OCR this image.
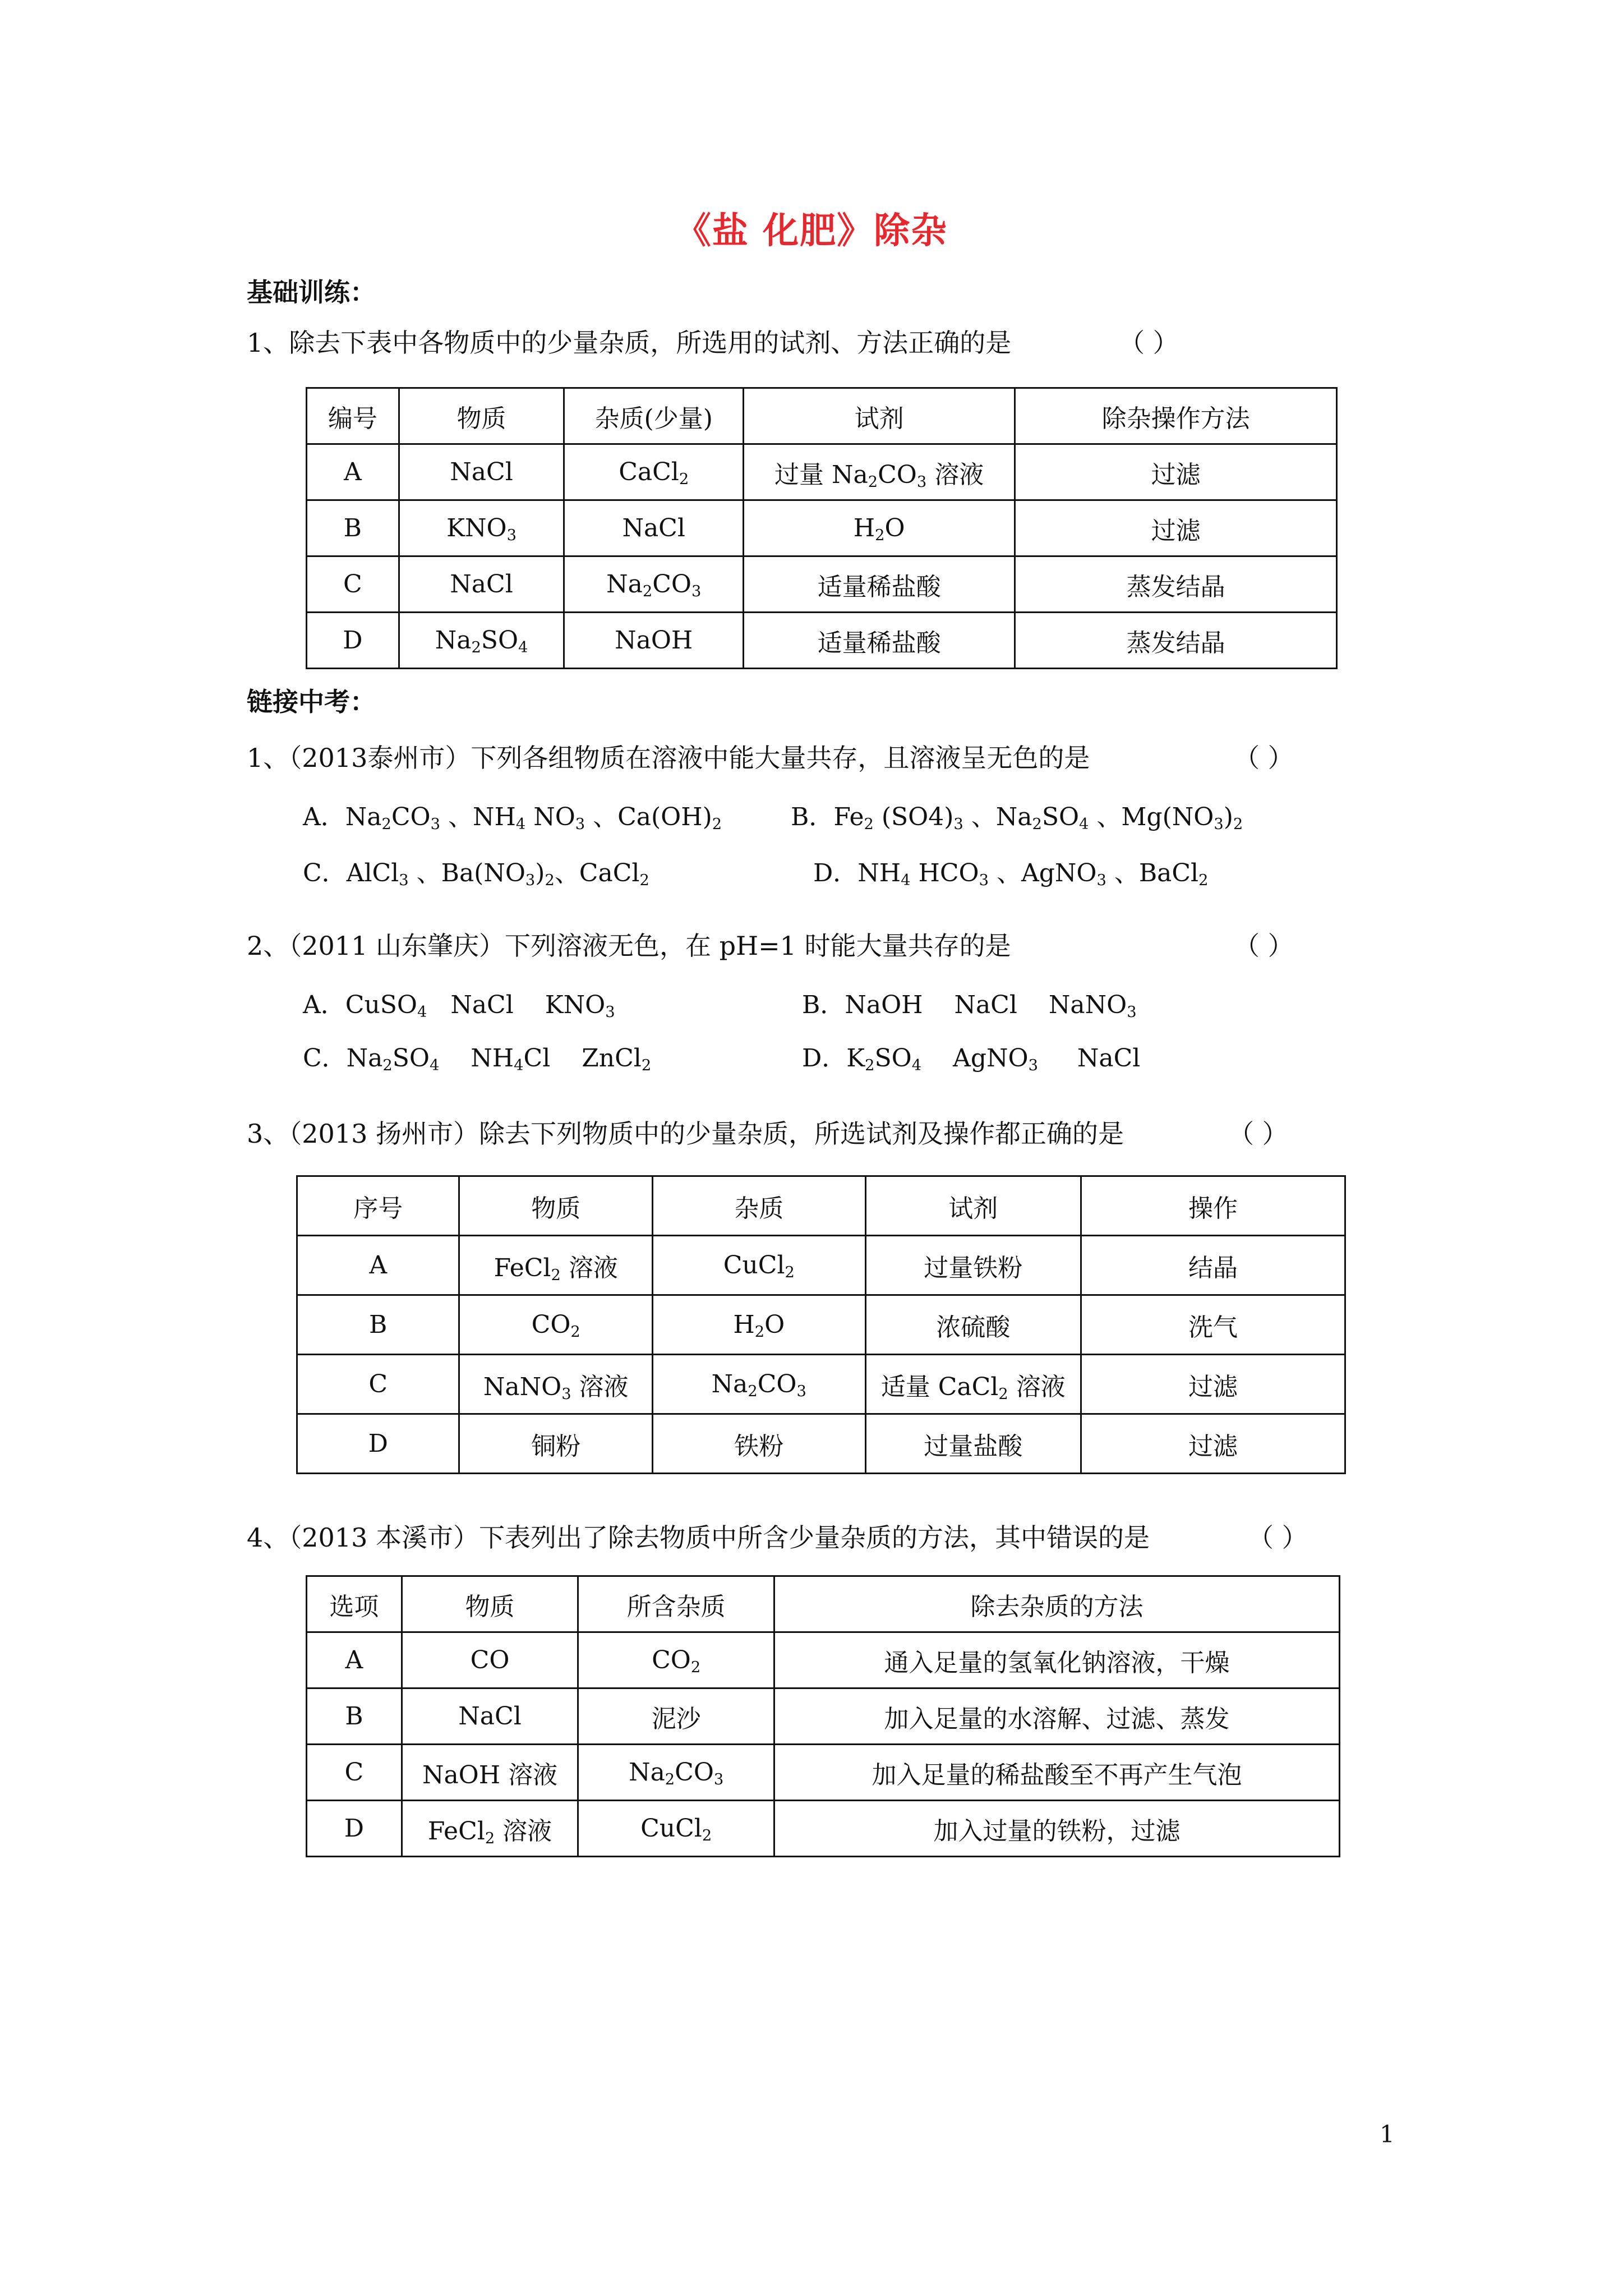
《盐 化肥》除杂
基础训练：
1、除去下表中各物质中的少量杂质，所选用的试剂、方法正确的是	（ ）
编号	物质	杂质(少量)	试剂	除杂操作方法
A	NaCl	CaCl$_2$	过量 $Na_2CO_3$ 溶液	过滤
B	$KNO_3$	NaCl	$H_2O$	过滤
C	NaCl	$Na_2CO_3$	适量稀盐酸	蒸发结晶
D	$Na_2SO_4$	NaOH	适量稀盐酸	蒸发结晶
链接中考：
1、（2013泰州市）下列各组物质在溶液中能大量共存，且溶液呈无色的是	（ ）
A．$Na_2CO_3$ 、$NH_4$ $NO_3$ 、$Ca(OH)_2$	B．$Fe_2$ $(SO4)_3$ 、$Na_2SO_4$ 、$Mg(NO_3)_2$
C．AlCl$_3$ 、$Ba(NO_3)_2$、CaCl$_2$	D．$NH_4$ $HCO_3$ 、AgNO$_3$ 、BaCl$_2$
2、（2011 山东肇庆）下列溶液无色，在 pH=1 时能大量共存的是	（ ）
A．CuSO$_4$   NaCl    $KNO_3$	B．NaOH    NaCl    NaNO$_3$
C．$Na_2SO_4$    $NH_4Cl$    ZnCl$_2$	D．$K_2SO_4$    AgNO$_3$     NaCl
3、（2013 扬州市）除去下列物质中的少量杂质，所选试剂及操作都正确的是	（ ）
序号	物质	杂质	试剂	操作
A	FeCl$_2$ 溶液	CuCl$_2$	过量铁粉	结晶
B	$CO_2$	$H_2O$	浓硫酸	洗气
C	NaNO$_3$ 溶液	$Na_2CO_3$	适量 CaCl$_2$ 溶液	过滤
D	铜粉	铁粉	过量盐酸	过滤
4、（2013 本溪市）下表列出了除去物质中所含少量杂质的方法，其中错误的是	（ ）
选项	物质	所含杂质	除去杂质的方法
A	CO	$CO_2$	通入足量的氢氧化钠溶液，干燥
B	NaCl	泥沙	加入足量的水溶解、过滤、蒸发
C	NaOH 溶液	$Na_2CO_3$	加入足量的稀盐酸至不再产生气泡
D	FeCl$_2$ 溶液	CuCl$_2$	加入过量的铁粉，过滤
1
